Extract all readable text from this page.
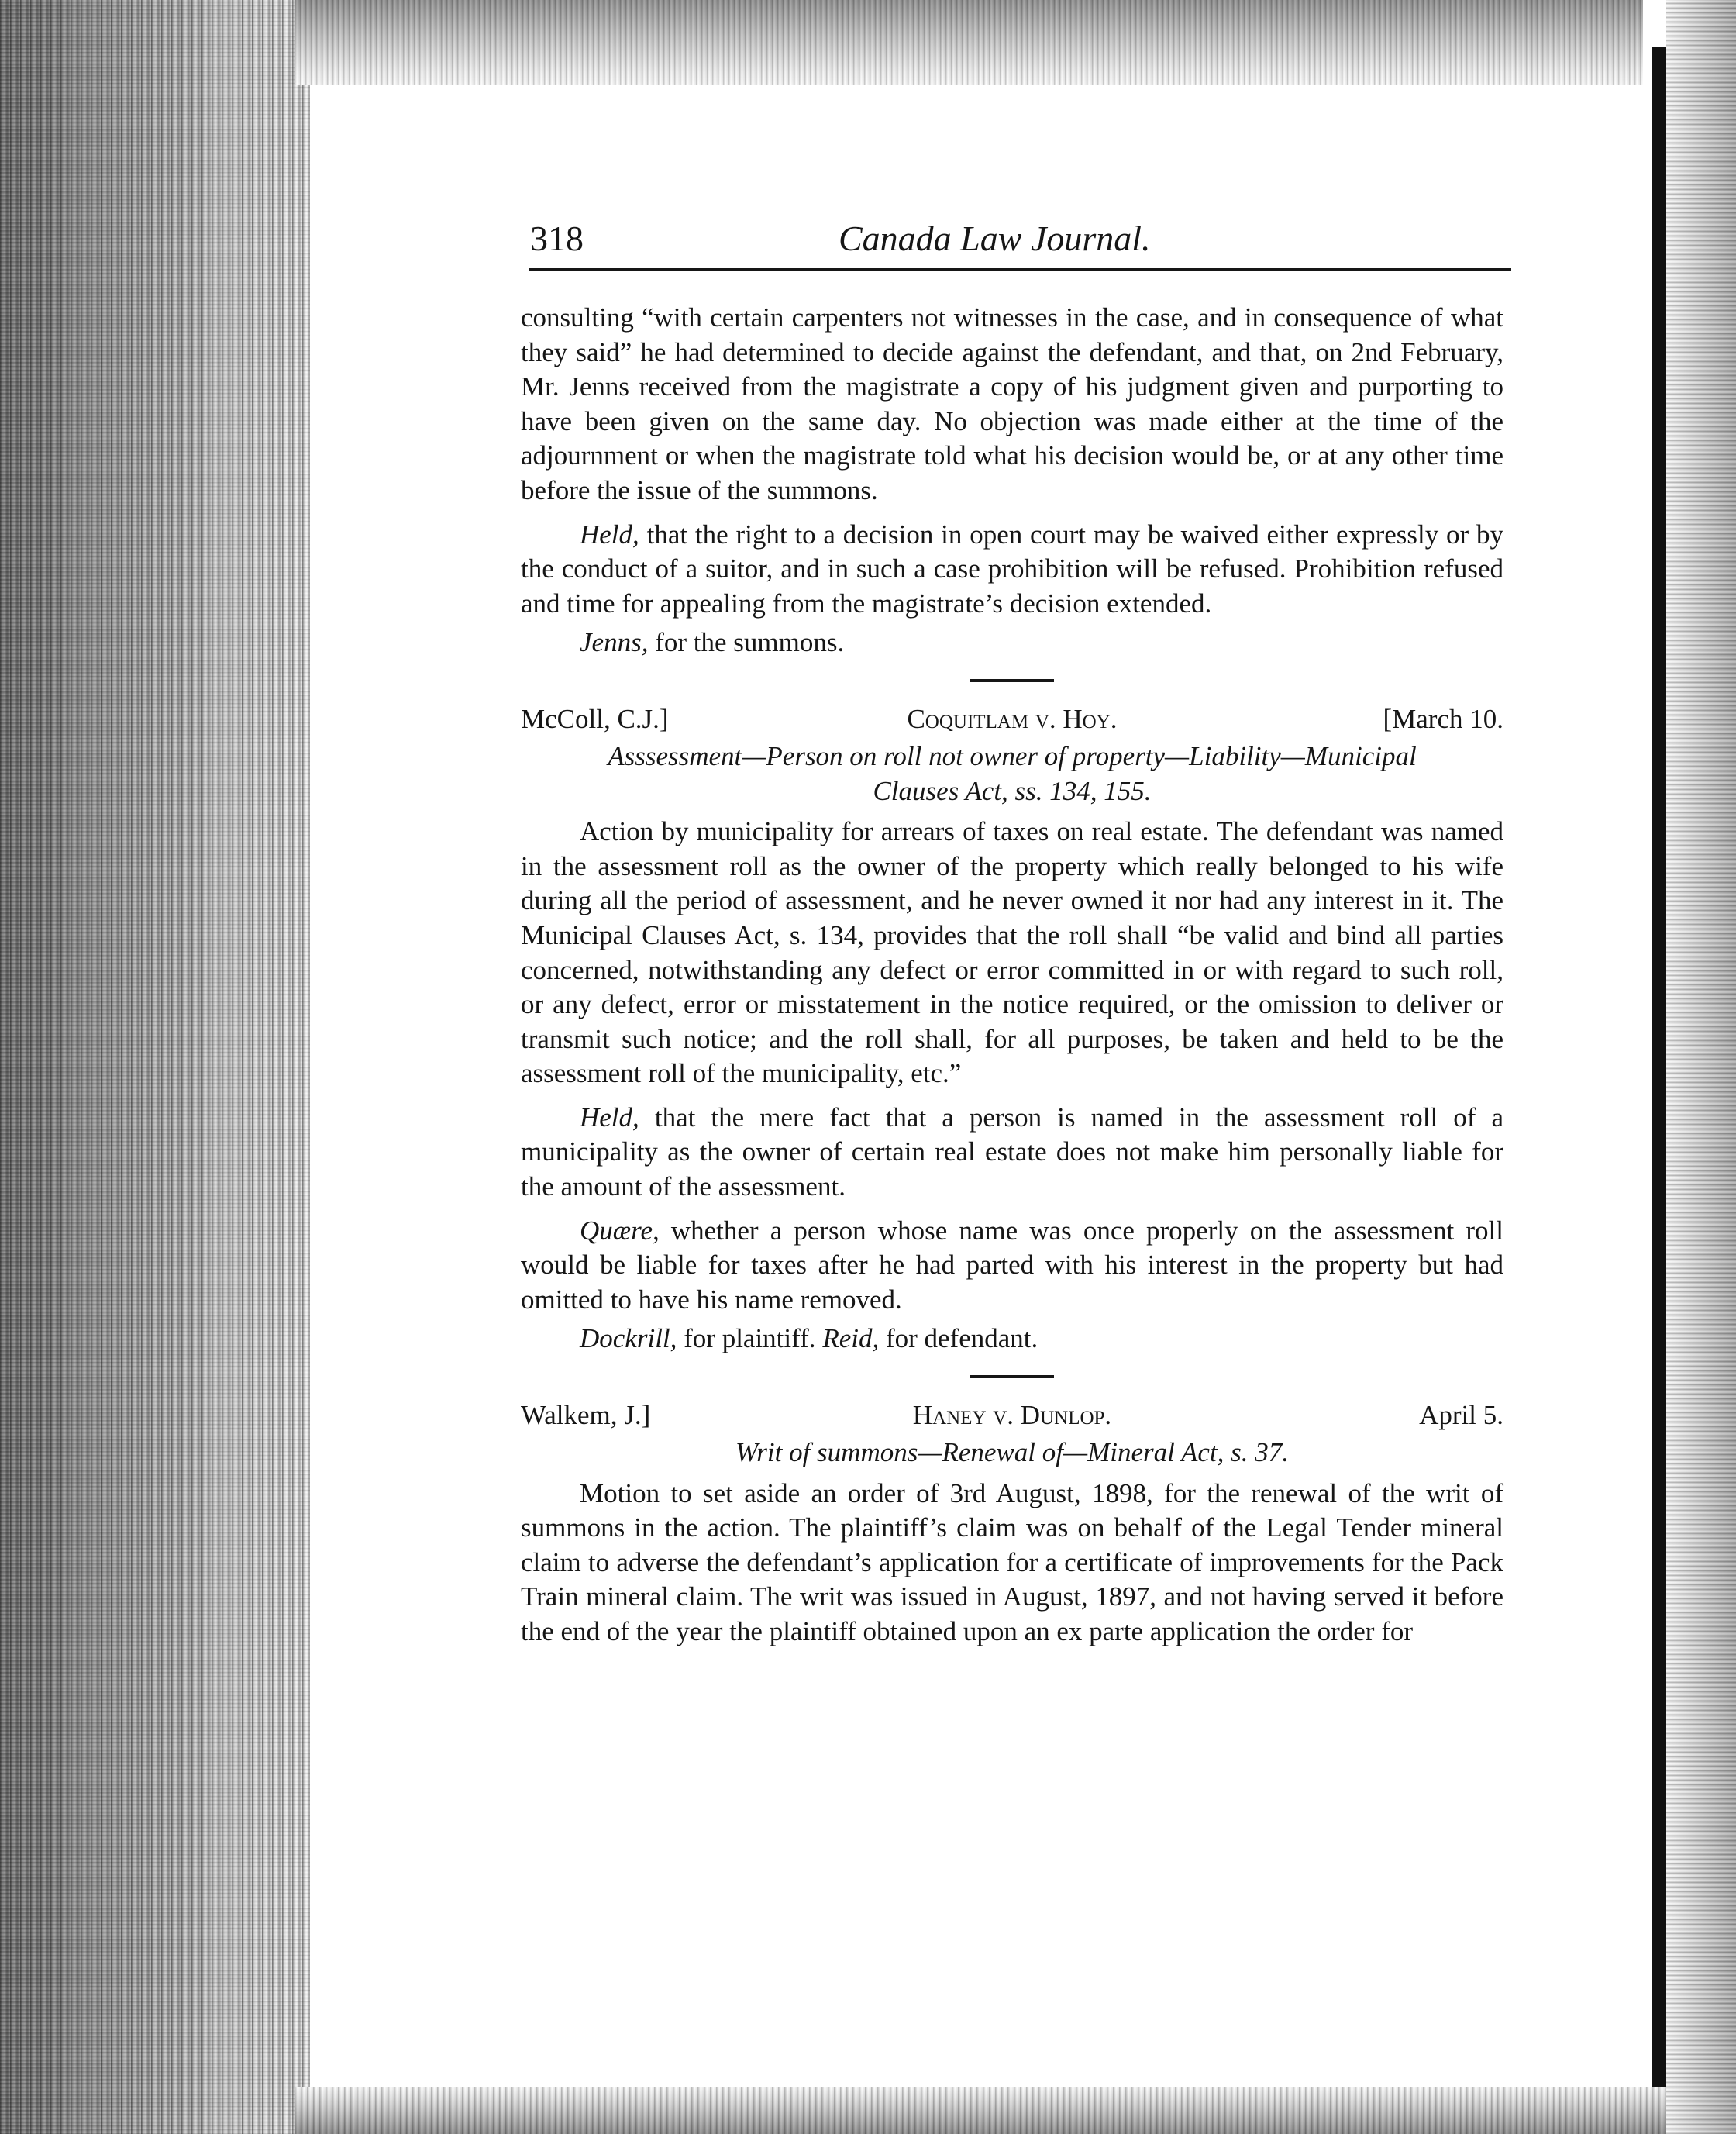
318	Canada Law Journal.

consulting “with certain carpenters not witnesses in the case, and in consequence of what they said” he had determined to decide against the defendant, and that, on 2nd February, Mr. Jenns received from the magistrate a copy of his judgment given and purporting to have been given on the same day. No objection was made either at the time of the adjournment or when the magistrate told what his decision would be, or at any other time before the issue of the summons.

Held, that the right to a decision in open court may be waived either expressly or by the conduct of a suitor, and in such a case prohibition will be refused. Prohibition refused and time for appealing from the magistrate’s decision extended.

Jenns, for the summons.

McColl, C.J.]	Coquitlam v. Hoy.	[March 10.
Asssessment—Person on roll not owner of property—Liability—Municipal
Clauses Act, ss. 134, 155.

Action by municipality for arrears of taxes on real estate. The defendant was named in the assessment roll as the owner of the property which really belonged to his wife during all the period of assessment, and he never owned it nor had any interest in it. The Municipal Clauses Act, s. 134, provides that the roll shall “be valid and bind all parties concerned, notwithstanding any defect or error committed in or with regard to such roll, or any defect, error or misstatement in the notice required, or the omission to deliver or transmit such notice; and the roll shall, for all purposes, be taken and held to be the assessment roll of the municipality, etc.”

Held, that the mere fact that a person is named in the assessment roll of a municipality as the owner of certain real estate does not make him personally liable for the amount of the assessment.

Quære, whether a person whose name was once properly on the assessment roll would be liable for taxes after he had parted with his interest in the property but had omitted to have his name removed.

Dockrill, for plaintiff. Reid, for defendant.

Walkem, J.]	Haney v. Dunlop.	April 5.
Writ of summons—Renewal of—Mineral Act, s. 37.

Motion to set aside an order of 3rd August, 1898, for the renewal of the writ of summons in the action. The plaintiff’s claim was on behalf of the Legal Tender mineral claim to adverse the defendant’s application for a certificate of improvements for the Pack Train mineral claim. The writ was issued in August, 1897, and not having served it before the end of the year the plaintiff obtained upon an ex parte application the order for
